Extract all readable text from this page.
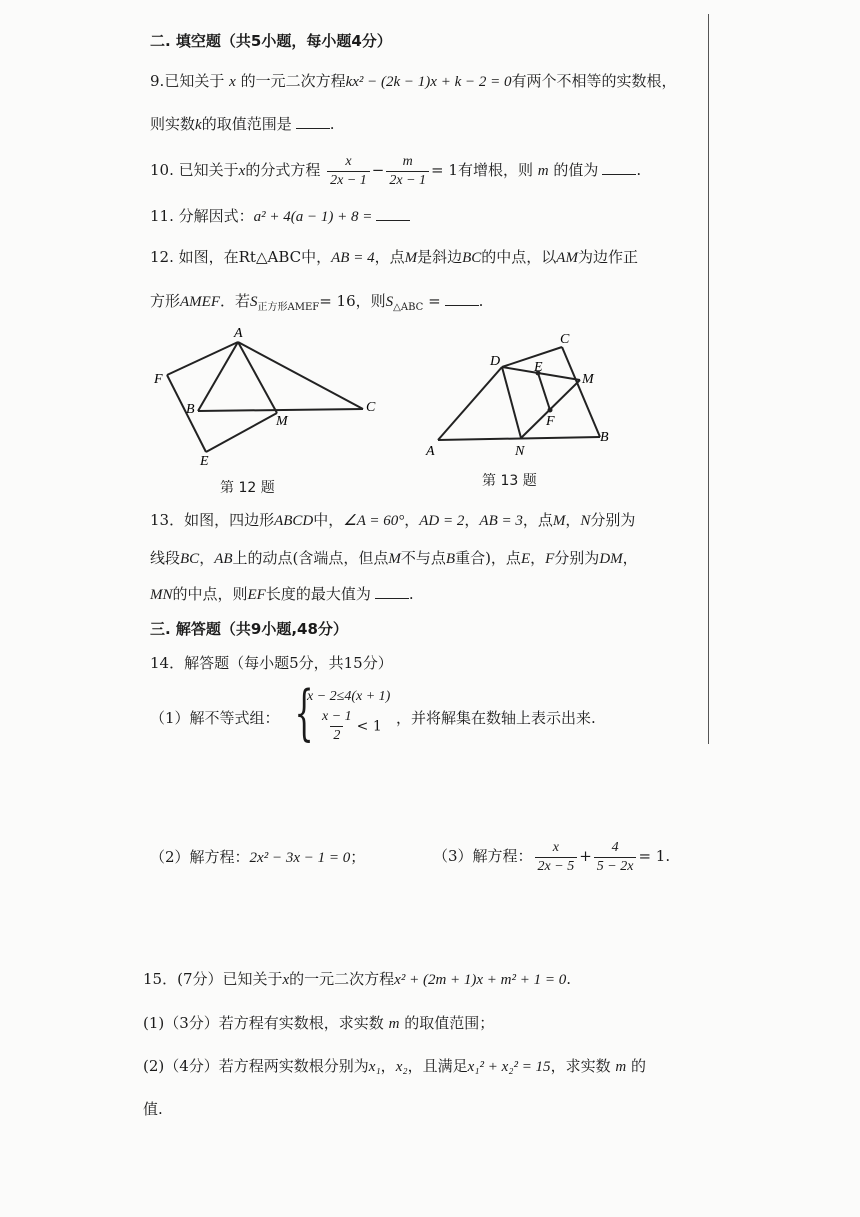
二. 填空题（共5小题，每小题4分）
9.已知关于 x 的一元二次方程kx² − (2k − 1)x + k − 2 = 0有两个不相等的实数根，
则实数k的取值范围是	.
10. 已知关于x的分式方程 $\frac{x}{2x - 1} - \frac{m}{2x - 1} = 1$有增根，则 m 的值为	.
11. 分解因式：a² + 4(a − 1) + 8 =
12. 如图，在Rt△ABC中，AB = 4，点M是斜边BC的中点，以AM为边作正
方形AMEF．若$S_{正方形AMEF}= 16$，则$S_{\triangle ABC}$ =	.
A
F
B
M
C
E
第 12 题
D
C
E
M
F
A	N
B
第 13 题
13．如图，四边形ABCD中，∠A = 60°，AD = 2，AB = 3，点M，N分别为
线段BC，AB上的动点(含端点，但点M不与点B重合)，点E，F分别为DM，
MN的中点，则EF长度的最大值为	.
三. 解答题（共9小题,48分）
14．解答题（每小题5分，共15分）
（1）解不等式组： {
x − 2≤4(x + 1)
$\frac{x - 1}{2} < 1$ ，并将解集在数轴上表示出来.
（2）解方程：2x² − 3x − 1 = 0；	（3）解方程： $\frac{x}{2x - 5} + \frac{4}{5 - 2x} = 1$.
15．(7分）已知关于x的一元二次方程x² + (2m + 1)x + m² + 1 = 0.
(1)（3分）若方程有实数根，求实数 m 的取值范围；
(2)（4分）若方程两实数根分别为x₁，x₂，且满足x₁² + x₂² = 15，求实数 m 的
值.
